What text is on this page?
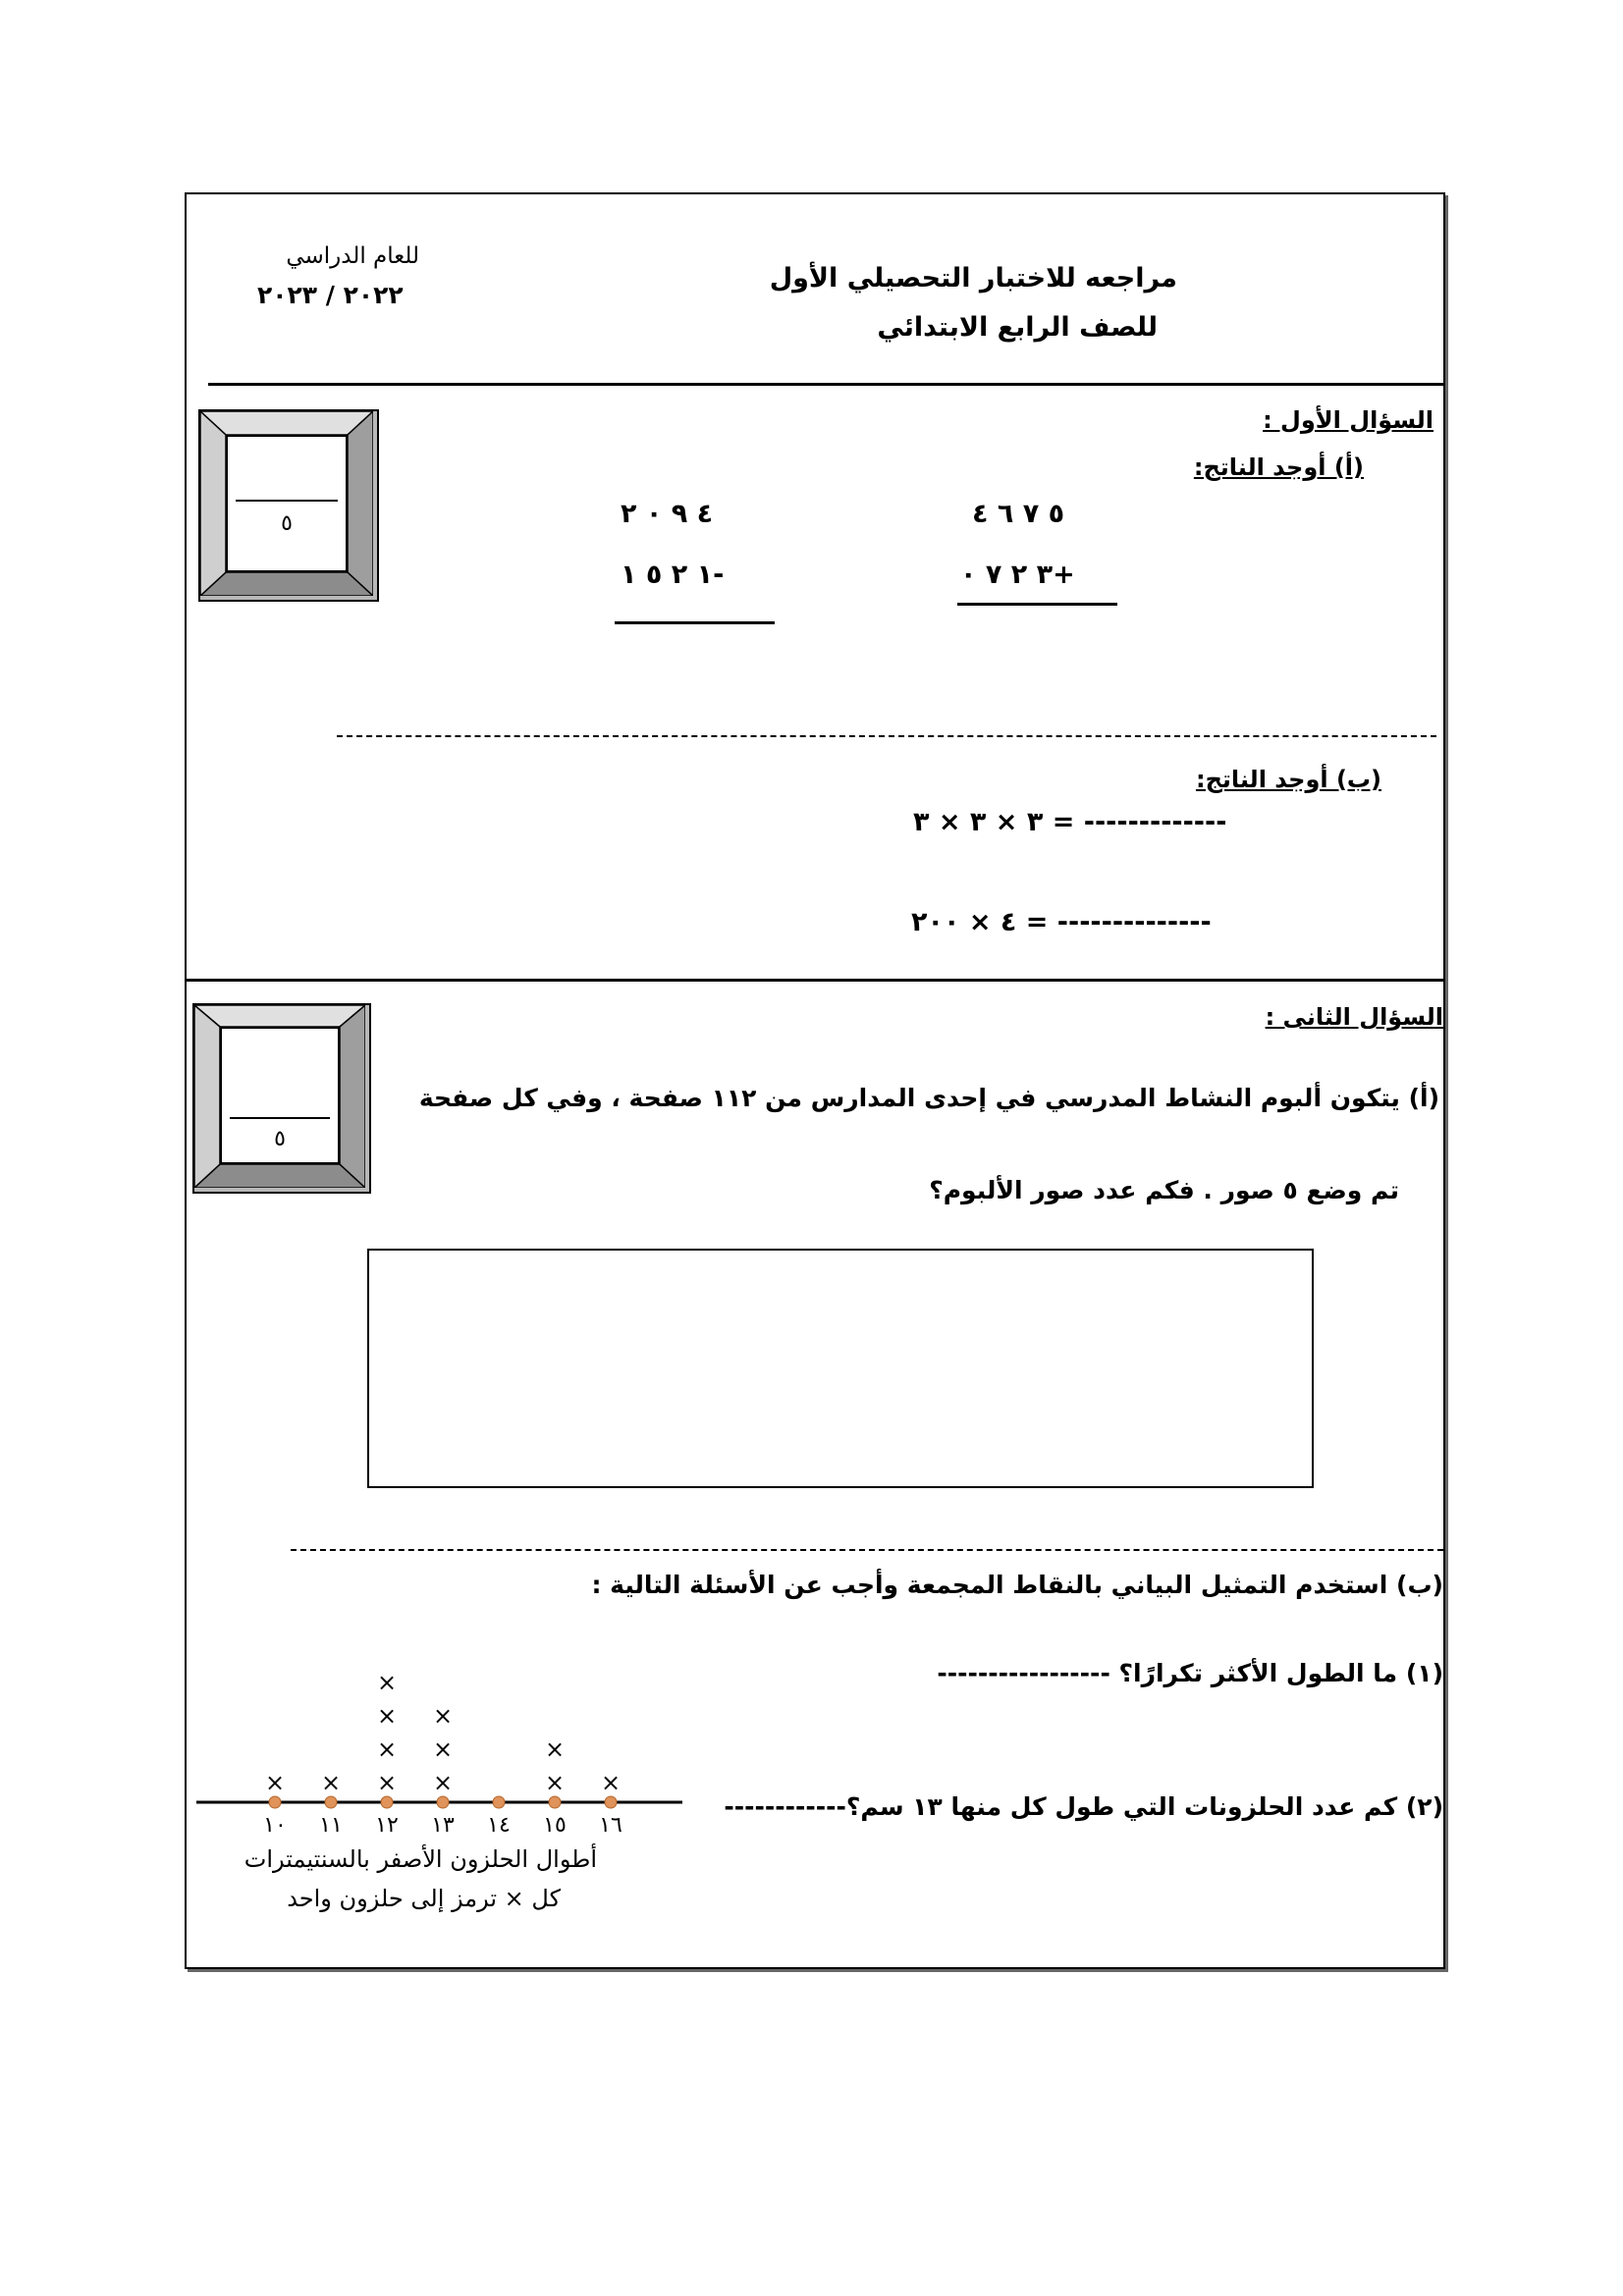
مراجعه للاختبار التحصيلي الأول
للصف الرابع الابتدائي
للعام الدراسي
٢٠٢٢ / ٢٠٢٣
السؤال الأول :
(أ) أوجد الناتج:
٥	٥ ٧ ٦ ٤
٣ ٢ ٧ ٠+
٤ ٩ ٠ ٢
١ ٢ ٥ ١-
(ب) أوجد الناتج:
٣ × ٣ × ٣ = -------------
٤ × ٢٠٠ = --------------
السؤال الثانى :
٥
(أ) يتكون ألبوم النشاط المدرسي في إحدى المدارس من ١١٢ صفحة ، وفي كل صفحة
تم وضع ٥ صور . فكم عدد صور الألبوم؟
(ب) استخدم التمثيل البياني بالنقاط المجمعة وأجب عن الأسئلة التالية :
(١) ما الطول الأكثر تكرارًا؟ -----------------
(٢) كم عدد الحلزونات التي طول كل منها ١٣ سم؟------------
١٠
×
١١
×
١٢
×
×
×
×
١٣
×
×
×
١٤ ١٥
×
×
١٦
×
أطوال الحلزون الأصفر بالسنتيمترات
كل × ترمز إلى حلزون واحد
